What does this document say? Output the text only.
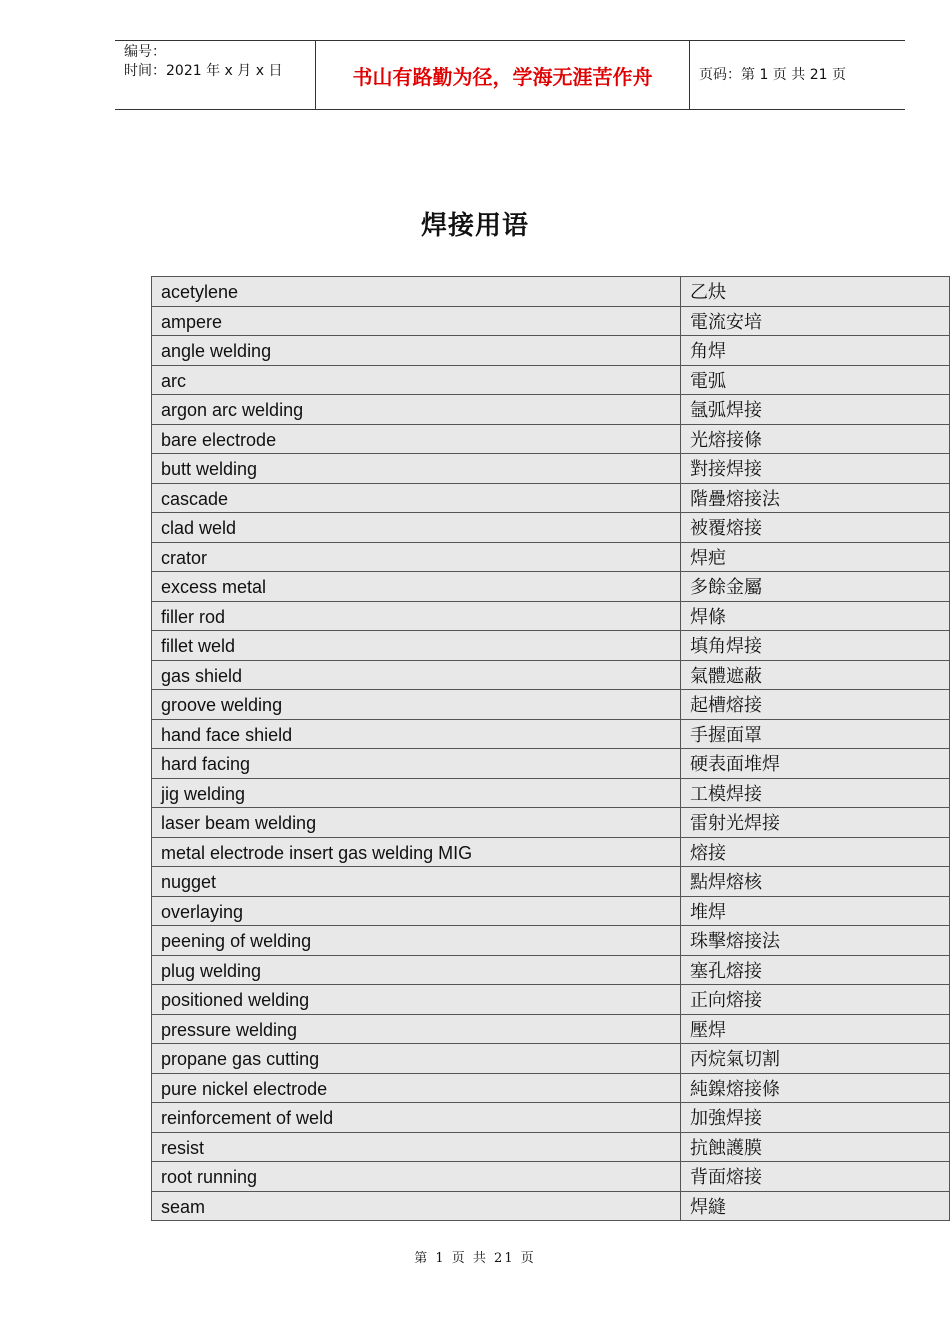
编号：
时间：2021 年 x 月 x 日	书山有路勤为径，学海无涯苦作舟	页码：第 1 页 共 21 页
焊接用语
acetylene	乙炔
ampere	電流安培
angle welding	角焊
arc	電弧
argon arc welding	氬弧焊接
bare electrode	光熔接條
butt welding	對接焊接
cascade	階疊熔接法
clad weld	被覆熔接
crator	焊疤
excess metal	多餘金屬
filler rod	焊條
fillet weld	填角焊接
gas shield	氣體遮蔽
groove welding	起槽熔接
hand face shield	手握面罩
hard facing	硬表面堆焊
jig welding	工模焊接
laser beam welding	雷射光焊接
metal electrode insert gas welding MIG	熔接
nugget	點焊熔核
overlaying	堆焊
peening of welding	珠擊熔接法
plug welding	塞孔熔接
positioned welding	正向熔接
pressure welding	壓焊
propane gas cutting	丙烷氣切割
pure nickel electrode	純鎳熔接條
reinforcement of weld	加強焊接
resist	抗蝕護膜
root running	背面熔接
seam	焊縫
第 1 页 共 21 页
